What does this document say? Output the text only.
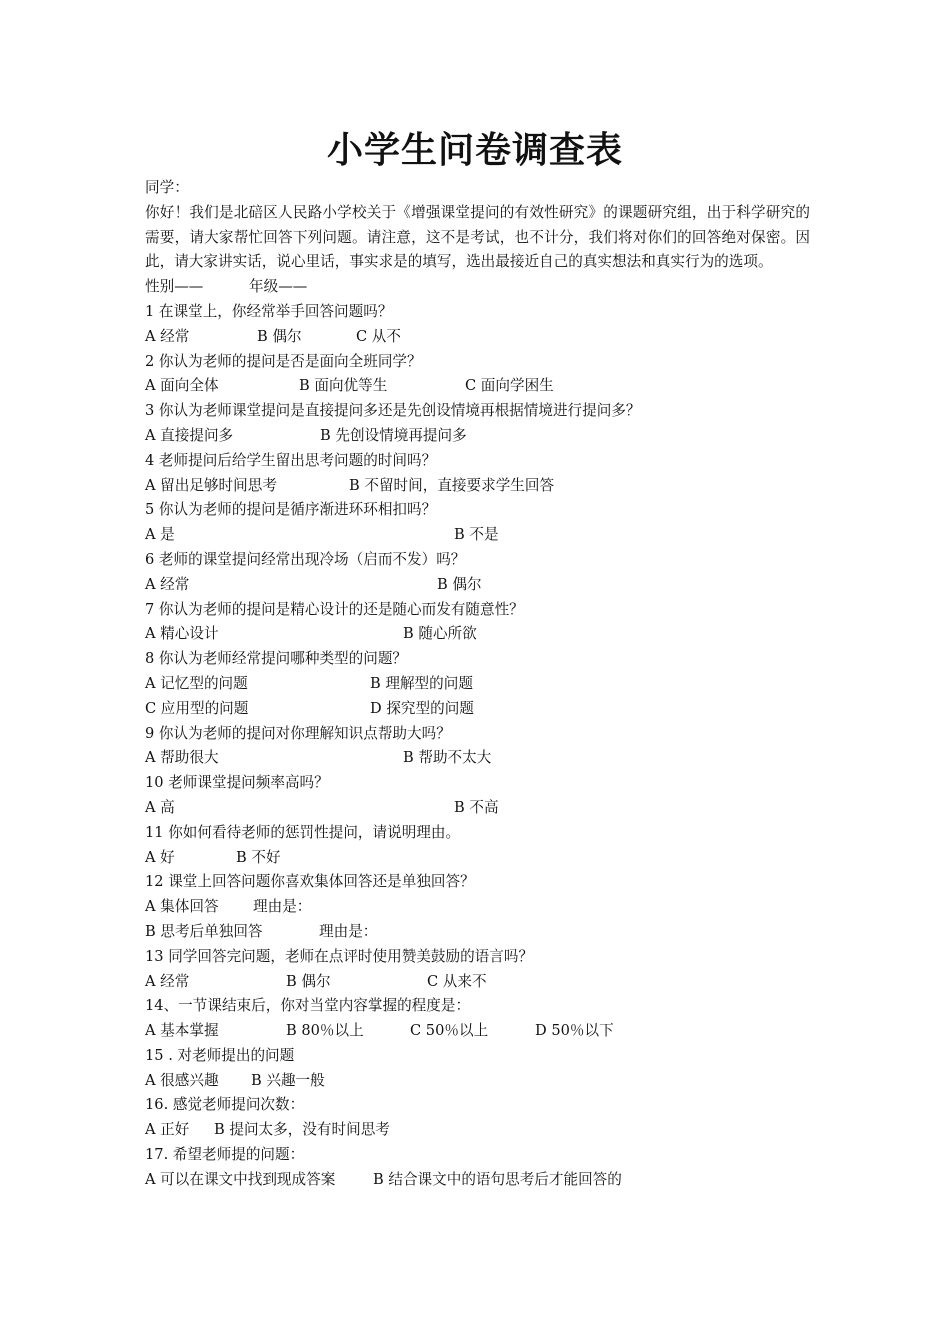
小学生问卷调查表
同学：
你好！我们是北碚区人民路小学校关于《增强课堂提问的有效性研究》的课题研究组，出于科学研究的需要，请大家帮忙回答下列问题。请注意，这不是考试，也不计分，我们将对你们的回答绝对保密。因此，请大家讲实话，说心里话，事实求是的填写，选出最接近自己的真实想法和真实行为的选项。
性别——	年级——
1 在课堂上，你经常举手回答问题吗？
A 经常	B 偶尔	C 从不
2 你认为老师的提问是否是面向全班同学？
A 面向全体	B 面向优等生	C 面向学困生
3 你认为老师课堂提问是直接提问多还是先创设情境再根据情境进行提问多？
A 直接提问多	B 先创设情境再提问多
4 老师提问后给学生留出思考问题的时间吗？
A 留出足够时间思考	B 不留时间，直接要求学生回答
5 你认为老师的提问是循序渐进环环相扣吗？
A 是	B 不是
6 老师的课堂提问经常出现冷场（启而不发）吗？
A 经常	B 偶尔
7 你认为老师的提问是精心设计的还是随心而发有随意性？
A 精心设计	B 随心所欲
8 你认为老师经常提问哪种类型的问题？
A 记忆型的问题	B 理解型的问题
C 应用型的问题	D 探究型的问题
9 你认为老师的提问对你理解知识点帮助大吗？
A 帮助很大	B 帮助不太大
10 老师课堂提问频率高吗？
A 高	B 不高
11 你如何看待老师的惩罚性提问，请说明理由。
A 好	B 不好
12 课堂上回答问题你喜欢集体回答还是单独回答？
A 集体回答 理由是：
B 思考后单独回答	理由是：
13 同学回答完问题，老师在点评时使用赞美鼓励的语言吗？
A 经常	B 偶尔	C 从来不
14、一节课结束后，你对当堂内容掌握的程度是：
A 基本掌握	B 80％以上	C 50％以上	D 50％以下
15 . 对老师提出的问题
A 很感兴趣 B 兴趣一般
16. 感觉老师提问次数：
A 正好 B 提问太多，没有时间思考
17. 希望老师提的问题：
A 可以在课文中找到现成答案	B 结合课文中的语句思考后才能回答的
